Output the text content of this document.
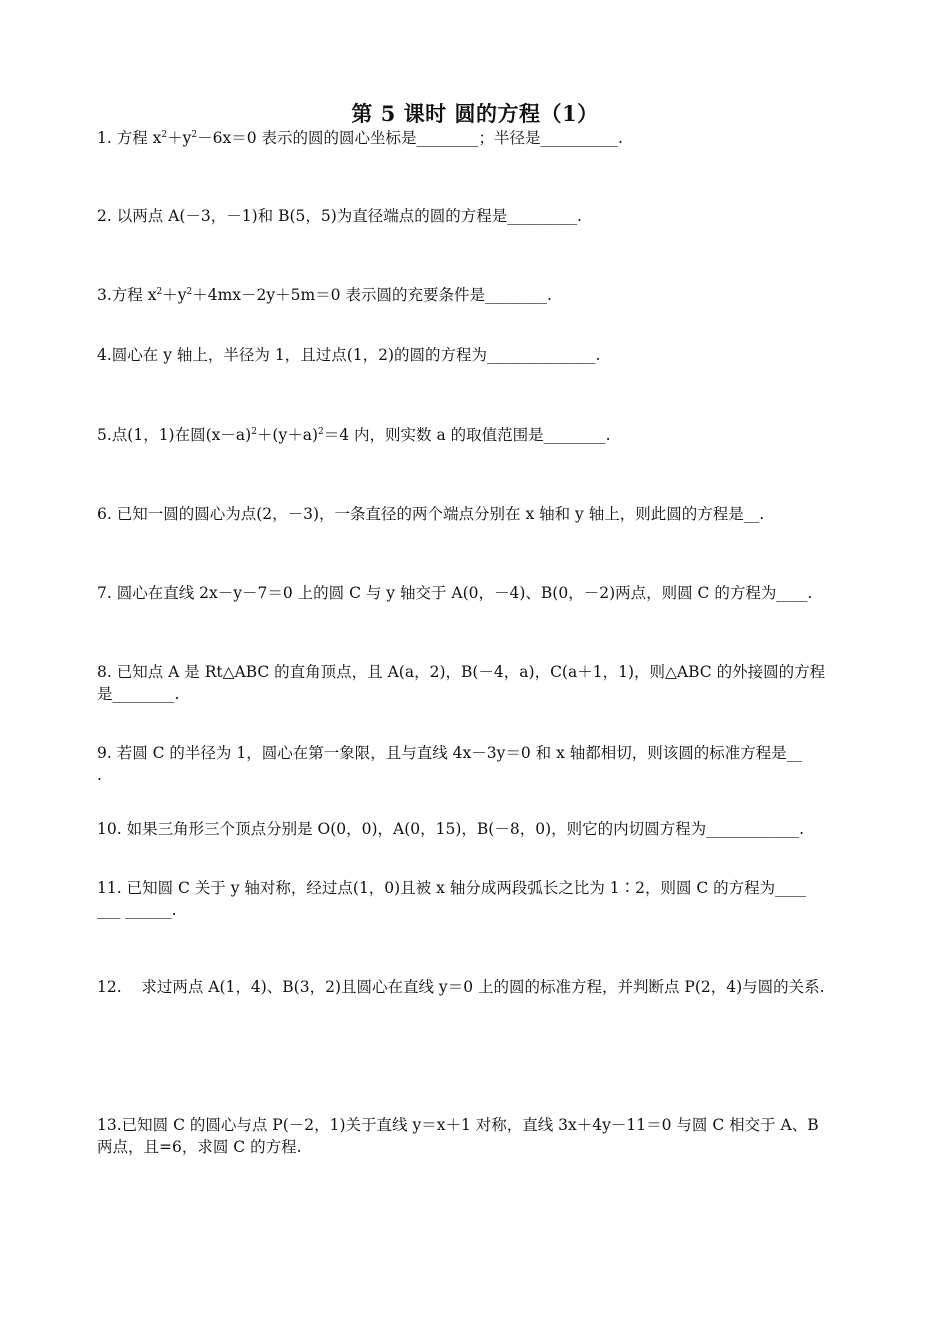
第 5 课时 圆的方程（1）
1. 方程 $x^2+y^2-6x=0$ 表示的圆的圆心坐标是________；半径是__________.
2. 以两点 A(－3，－1)和 B(5，5)为直径端点的圆的方程是_________.
3.方程 $x^2+y^2+4mx-2y+5m=0$ 表示圆的充要条件是________.
4.圆心在 y 轴上，半径为 1，且过点(1，2)的圆的方程为______________.
5.点(1，1)在圆$(x-a)^2+(y+a)^2=4$ 内，则实数 a 的取值范围是________.
6. 已知一圆的圆心为点(2，－3)，一条直径的两个端点分别在 x 轴和 y 轴上，则此圆的方程是__.
7. 圆心在直线 2x－y－7＝0 上的圆 C 与 y 轴交于 A(0，－4)、B(0，－2)两点，则圆 C 的方程为____.
8. 已知点 A 是 Rt△ABC 的直角顶点，且 A(a，2)，B(－4，a)，C(a＋1，1)，则△ABC 的外接圆的方程
是________.
9. 若圆 C 的半径为 1，圆心在第一象限，且与直线 4x－3y＝0 和 x 轴都相切，则该圆的标准方程是__
.
10. 如果三角形三个顶点分别是 O(0，0)，A(0，15)，B(－8，0)，则它的内切圆方程为____________.
11. 已知圆 C 关于 y 轴对称，经过点(1，0)且被 x 轴分成两段弧长之比为 1∶2，则圆 C 的方程为____
___ ______.
12.    求过两点 A(1，4)、B(3，2)且圆心在直线 y＝0 上的圆的标准方程，并判断点 P(2，4)与圆的关系.
13.已知圆 C 的圆心与点 P(－2，1)关于直线 y＝x＋1 对称，直线 3x＋4y－11＝0 与圆 C 相交于 A、B
两点，且=6，求圆 C 的方程.
